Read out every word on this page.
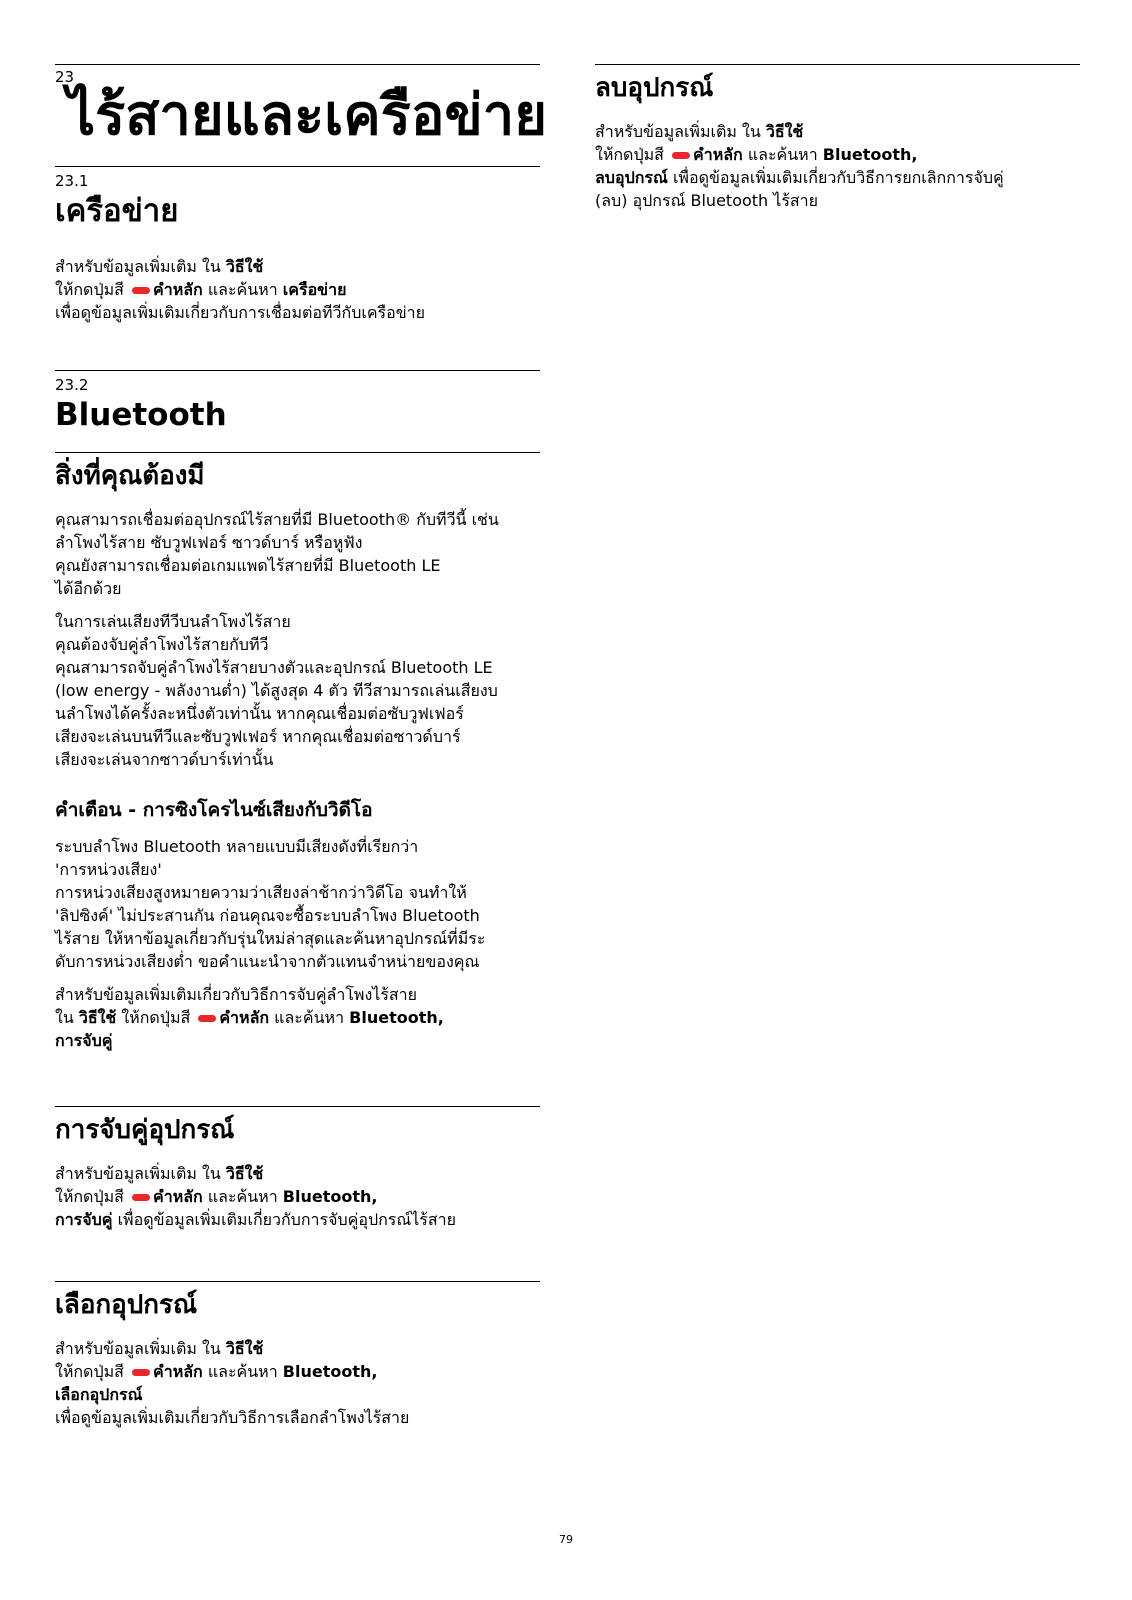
23
ไร้สายและเครือข่าย
23.1
เครือข่าย
สำหรับข้อมูลเพิ่มเติม ใน วิธีใช้
ให้กดปุ่มสี คำหลัก และค้นหา เครือข่าย
เพื่อดูข้อมูลเพิ่มเติมเกี่ยวกับการเชื่อมต่อทีวีกับเครือข่าย
23.2
Bluetooth
สิ่งที่คุณต้องมี
คุณสามารถเชื่อมต่ออุปกรณ์ไร้สายที่มี Bluetooth® กับทีวีนี้ เช่น
ลำโพงไร้สาย ซับวูฟเฟอร์ ซาวด์บาร์ หรือหูฟัง
คุณยังสามารถเชื่อมต่อเกมแพดไร้สายที่มี Bluetooth LE
ได้อีกด้วย
ในการเล่นเสียงทีวีบนลำโพงไร้สาย
คุณต้องจับคู่ลำโพงไร้สายกับทีวี
คุณสามารถจับคู่ลำโพงไร้สายบางตัวและอุปกรณ์ Bluetooth LE
(low energy - พลังงานต่ำ) ได้สูงสุด 4 ตัว ทีวีสามารถเล่นเสียงบ
นลำโพงได้ครั้งละหนึ่งตัวเท่านั้น หากคุณเชื่อมต่อซับวูฟเฟอร์
เสียงจะเล่นบนทีวีและซับวูฟเฟอร์ หากคุณเชื่อมต่อซาวด์บาร์
เสียงจะเล่นจากซาวด์บาร์เท่านั้น
คำเตือน - การซิงโครไนซ์เสียงกับวิดีโอ
ระบบลำโพง Bluetooth หลายแบบมีเสียงดังที่เรียกว่า
'การหน่วงเสียง'
การหน่วงเสียงสูงหมายความว่าเสียงล่าช้ากว่าวิดีโอ จนทำให้
'ลิปซิงค์' ไม่ประสานกัน ก่อนคุณจะซื้อระบบลำโพง Bluetooth
ไร้สาย ให้หาข้อมูลเกี่ยวกับรุ่นใหม่ล่าสุดและค้นหาอุปกรณ์ที่มีระ
ดับการหน่วงเสียงต่ำ ขอคำแนะนำจากตัวแทนจำหน่ายของคุณ
สำหรับข้อมูลเพิ่มเติมเกี่ยวกับวิธีการจับคู่ลำโพงไร้สาย
ใน วิธีใช้ ให้กดปุ่มสี คำหลัก และค้นหา Bluetooth,
การจับคู่
การจับคู่อุปกรณ์
สำหรับข้อมูลเพิ่มเติม ใน วิธีใช้
ให้กดปุ่มสี คำหลัก และค้นหา Bluetooth,
การจับคู่ เพื่อดูข้อมูลเพิ่มเติมเกี่ยวกับการจับคู่อุปกรณ์ไร้สาย
เลือกอุปกรณ์
สำหรับข้อมูลเพิ่มเติม ใน วิธีใช้
ให้กดปุ่มสี คำหลัก และค้นหา Bluetooth,
เลือกอุปกรณ์
เพื่อดูข้อมูลเพิ่มเติมเกี่ยวกับวิธีการเลือกลำโพงไร้สาย
ลบอุปกรณ์
สำหรับข้อมูลเพิ่มเติม ใน วิธีใช้
ให้กดปุ่มสี คำหลัก และค้นหา Bluetooth,
ลบอุปกรณ์ เพื่อดูข้อมูลเพิ่มเติมเกี่ยวกับวิธีการยกเลิกการจับคู่
(ลบ) อุปกรณ์ Bluetooth ไร้สาย
79
